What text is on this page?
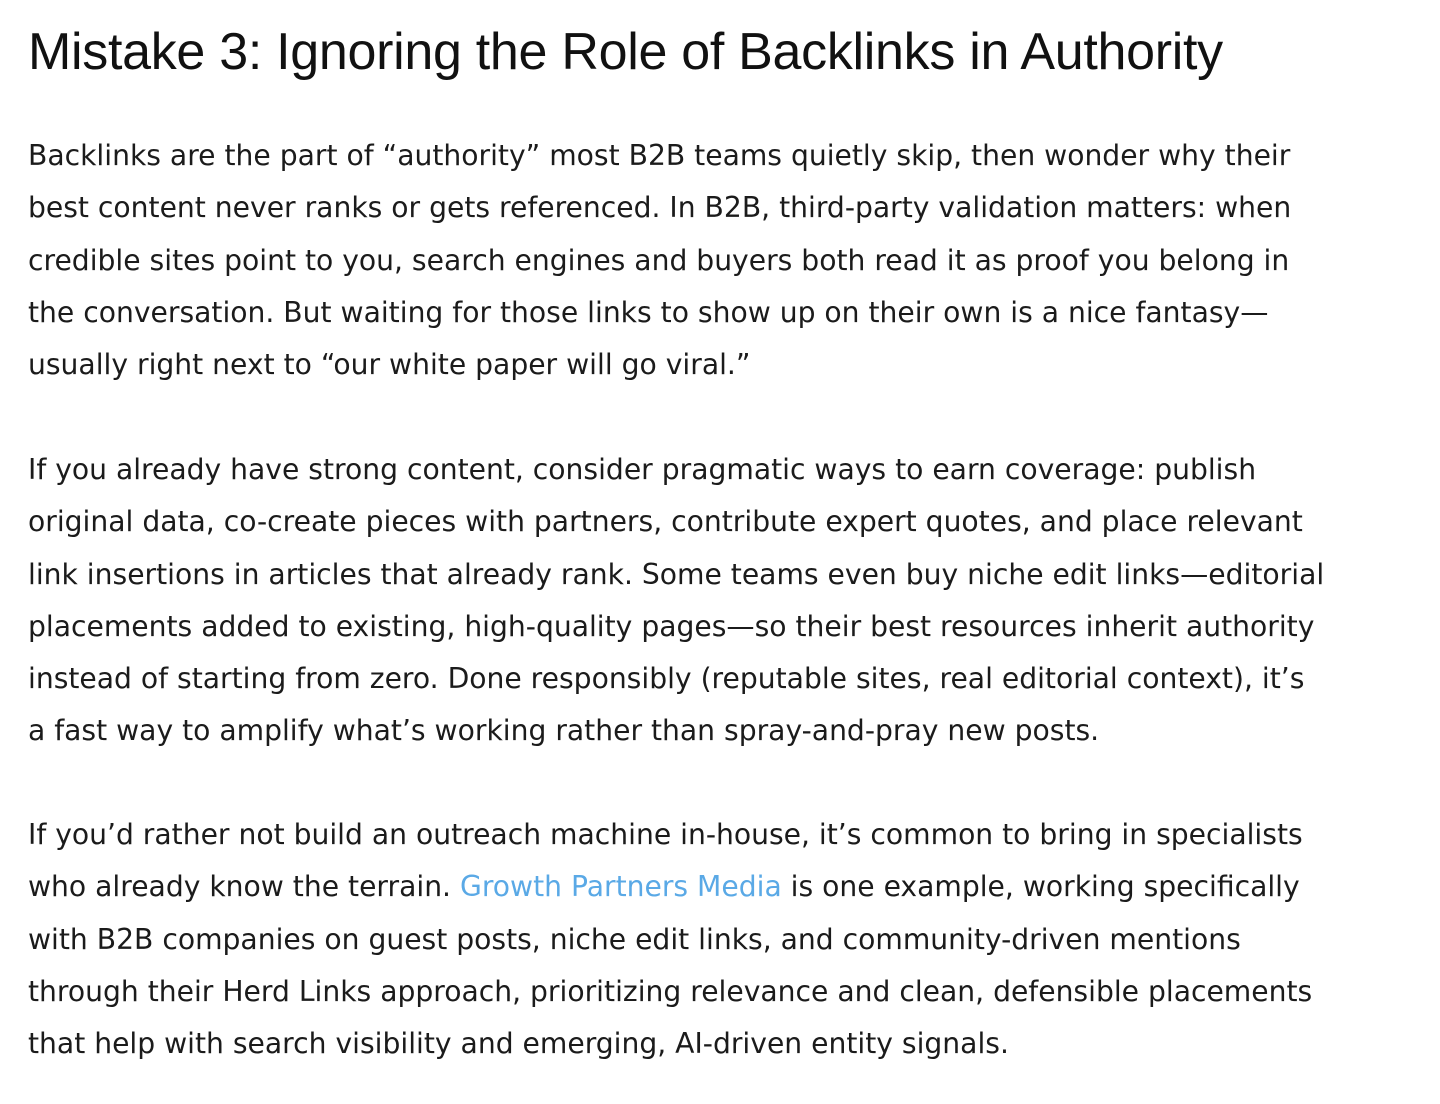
Mistake 3: Ignoring the Role of Backlinks in Authority

Backlinks are the part of “authority” most B2B teams quietly skip, then wonder why their
best content never ranks or gets referenced. In B2B, third-party validation matters: when
credible sites point to you, search engines and buyers both read it as proof you belong in
the conversation. But waiting for those links to show up on their own is a nice fantasy—
usually right next to “our white paper will go viral.”

If you already have strong content, consider pragmatic ways to earn coverage: publish
original data, co-create pieces with partners, contribute expert quotes, and place relevant
link insertions in articles that already rank. Some teams even buy niche edit links—editorial
placements added to existing, high-quality pages—so their best resources inherit authority
instead of starting from zero. Done responsibly (reputable sites, real editorial context), it’s
a fast way to amplify what’s working rather than spray-and-pray new posts.

If you’d rather not build an outreach machine in-house, it’s common to bring in specialists
who already know the terrain. Growth Partners Media is one example, working specifically
with B2B companies on guest posts, niche edit links, and community-driven mentions
through their Herd Links approach, prioritizing relevance and clean, defensible placements
that help with search visibility and emerging, AI-driven entity signals.
